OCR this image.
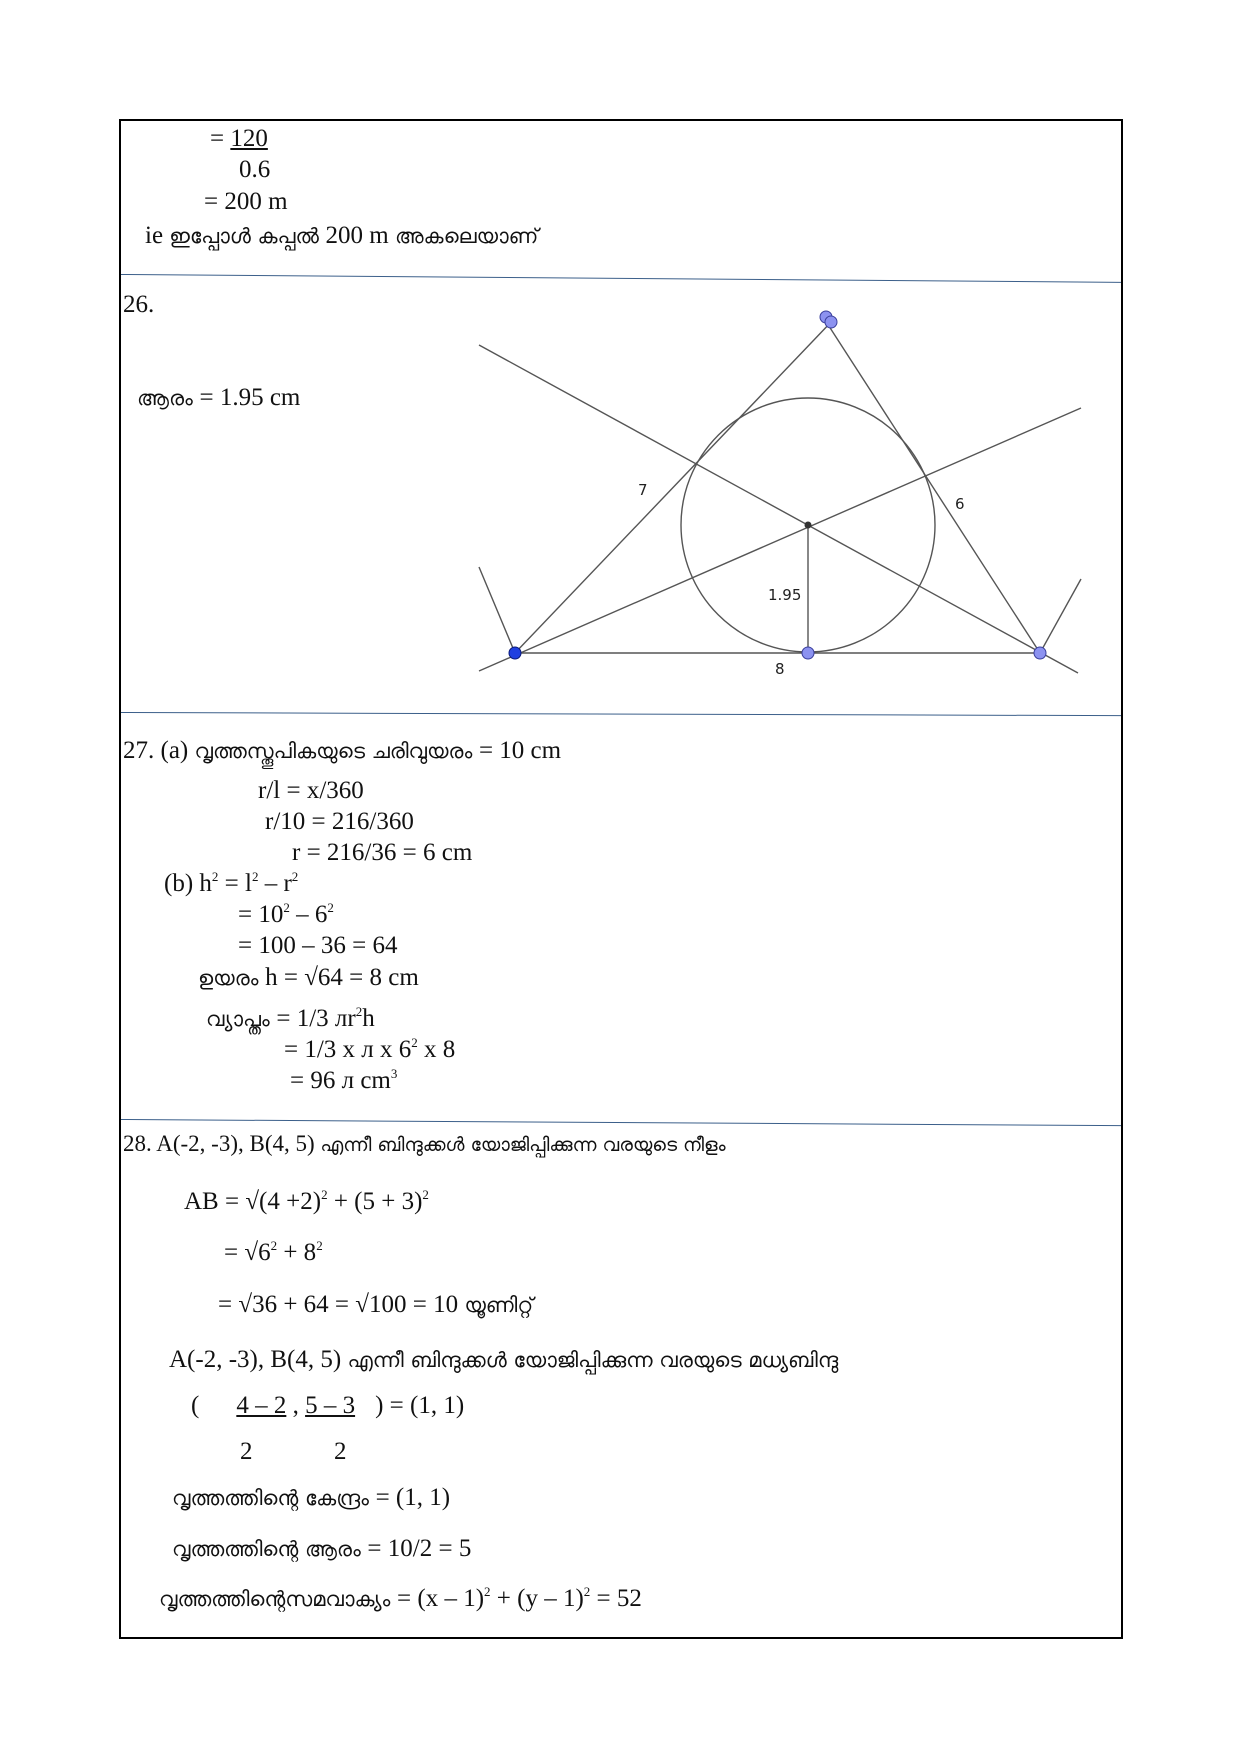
= 120
0.6
= 200 m
ie ഇപ്പോൾ കപ്പൽ 200 m അകലെയാണ്
26.
ആരം = 1.95 cm
7
6
8
1.95
27. (a) വൃത്തസ്തൂപികയുടെ ചരിവുയരം = 10 cm
r/l = x/360
r/10 = 216/360
r = 216/36 = 6 cm
(b) $h^2 = l^2 - r^2$
= $10^2 - 6^2$
= 100 – 36 = 64
ഉയരം h = √64 = 8 cm
വ്യാപ്തം = 1/3 $лr^2h$
= 1/3 x л x $6^2$ x 8
= 96 л $cm^3$
28. A(-2, -3), B(4, 5) എന്നീ ബിന്ദുക്കൾ യോജിപ്പിക്കുന്ന വരയുടെ നീളം
AB = $√(4 +2)^2 + (5 + 3)^2$
= $√6^2 + 8^2$
= √36 + 64 = √100 = 10 യൂണിറ്റ്
A(-2, -3), B(4, 5) എന്നീ ബിന്ദുക്കൾ യോജിപ്പിക്കുന്ന വരയുടെ മധ്യബിന്ദു
( 4 – 2 , 5 – 3 ) = (1, 1)
2	2
വൃത്തത്തിന്റെ കേന്ദ്രം = (1, 1)
വൃത്തത്തിന്റെ ആരം = 10/2 = 5
വൃത്തത്തിന്റെസമവാക്യം = (x – 1)$^2$ + (y – 1)$^2$ = 52
